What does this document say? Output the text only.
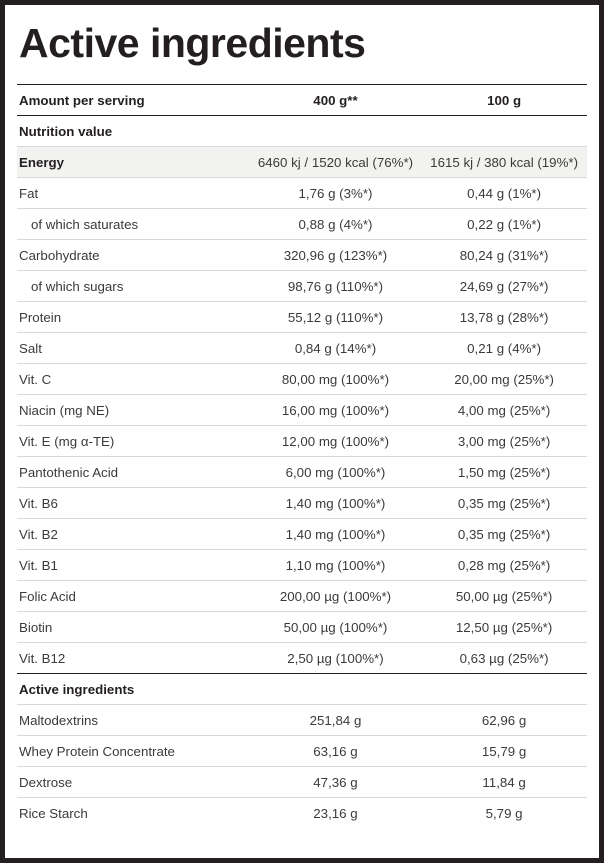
Active ingredients
Amount per serving	400 g**	100 g
Nutrition value		
Energy	6460 kj / 1520 kcal (76%*)	1615 kj / 380 kcal (19%*)
Fat	1,76 g (3%*)	0,44 g (1%*)
of which saturates	0,88 g (4%*)	0,22 g (1%*)
Carbohydrate	320,96 g (123%*)	80,24 g (31%*)
of which sugars	98,76 g (110%*)	24,69 g (27%*)
Protein	55,12 g (110%*)	13,78 g (28%*)
Salt	0,84 g (14%*)	0,21 g (4%*)
Vit. C	80,00 mg (100%*)	20,00 mg (25%*)
Niacin (mg NE)	16,00 mg (100%*)	4,00 mg (25%*)
Vit. E (mg α-TE)	12,00 mg (100%*)	3,00 mg (25%*)
Pantothenic Acid	6,00 mg (100%*)	1,50 mg (25%*)
Vit. B6	1,40 mg (100%*)	0,35 mg (25%*)
Vit. B2	1,40 mg (100%*)	0,35 mg (25%*)
Vit. B1	1,10 mg (100%*)	0,28 mg (25%*)
Folic Acid	200,00 µg (100%*)	50,00 µg (25%*)
Biotin	50,00 µg (100%*)	12,50 µg (25%*)
Vit. B12	2,50 µg (100%*)	0,63 µg (25%*)
Active ingredients		
Maltodextrins	251,84 g	62,96 g
Whey Protein Concentrate	63,16 g	15,79 g
Dextrose	47,36 g	11,84 g
Rice Starch	23,16 g	5,79 g
